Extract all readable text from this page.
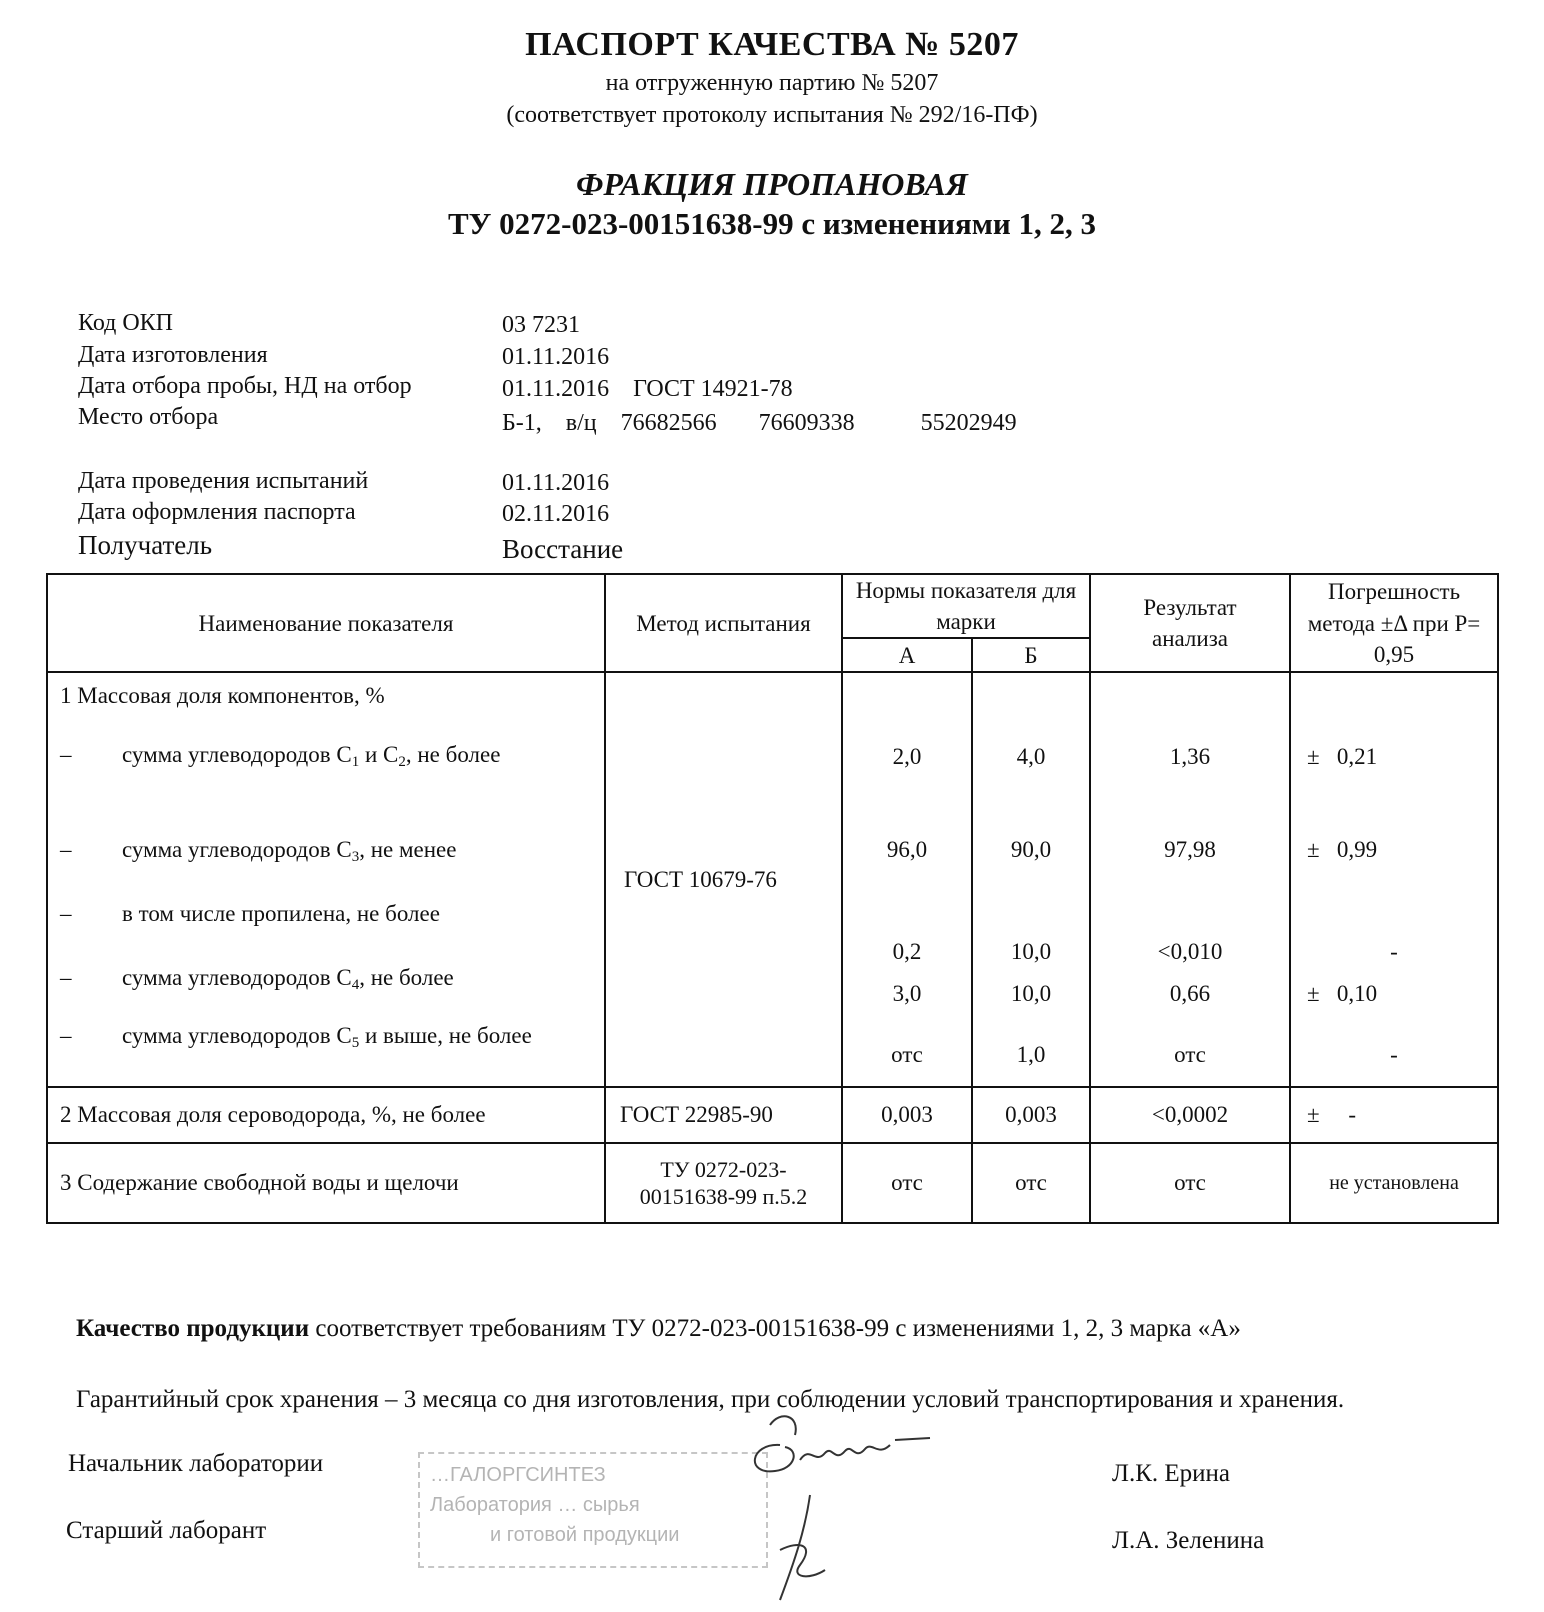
ПАСПОРТ КАЧЕСТВА № 5207
на отгруженную партию № 5207
(соответствует протоколу испытания № 292/16-ПФ)
ФРАКЦИЯ ПРОПАНОВАЯ
ТУ 0272-023-00151638-99 с изменениями 1, 2, 3
Код ОКП	03 7231
Дата изготовления	01.11.2016
Дата отбора пробы, НД на отбор	01.11.2016    ГОСТ 14921-78
Место отбора	Б-1,    в/ц    76682566       76609338           55202949
Дата проведения испытаний	01.11.2016
Дата оформления паспорта	02.11.2016
Получатель	Восстание
Наименование показателя	Метод испытания	Нормы показателя для марки		Результат анализа	Погрешность метода ±Δ при Р= 0,95
		А	Б		
1 Массовая доля компонентов, %	ГОСТ 10679-76				

– сумма углеводородов $С_1$ и $С_2$, не более		2,0	4,0	1,36	± 0,21

– сумма углеводородов $С_3$, не менее		96,0	90,0	97,98	± 0,99

– в том числе пропилена, не более		0,2	10,0	<0,010	-

– сумма углеводородов $С_4$, не более		3,0	10,0	0,66	± 0,10

– сумма углеводородов $С_5$ и выше, не более		отс	1,0	отс	-
2 Массовая доля сероводорода, %, не более	ГОСТ 22985-90	0,003	0,003	<0,0002	± -
3 Содержание свободной воды и щелочи	ТУ 0272-023-00151638-99 п.5.2	отс	отс	отс	не установлена
Качество продукции соответствует требованиям ТУ 0272-023-00151638-99 с изменениями 1, 2, 3 марка «А»
Гарантийный срок хранения – 3 месяца со дня изготовления, при соблюдении условий транспортирования и хранения.
Начальник лаборатории	Л.К. Ерина
Старший лаборант	Л.А. Зеленина
…ГАЛОРГСИНТЕЗ
Лаборатория … сырья
и готовой продукции
